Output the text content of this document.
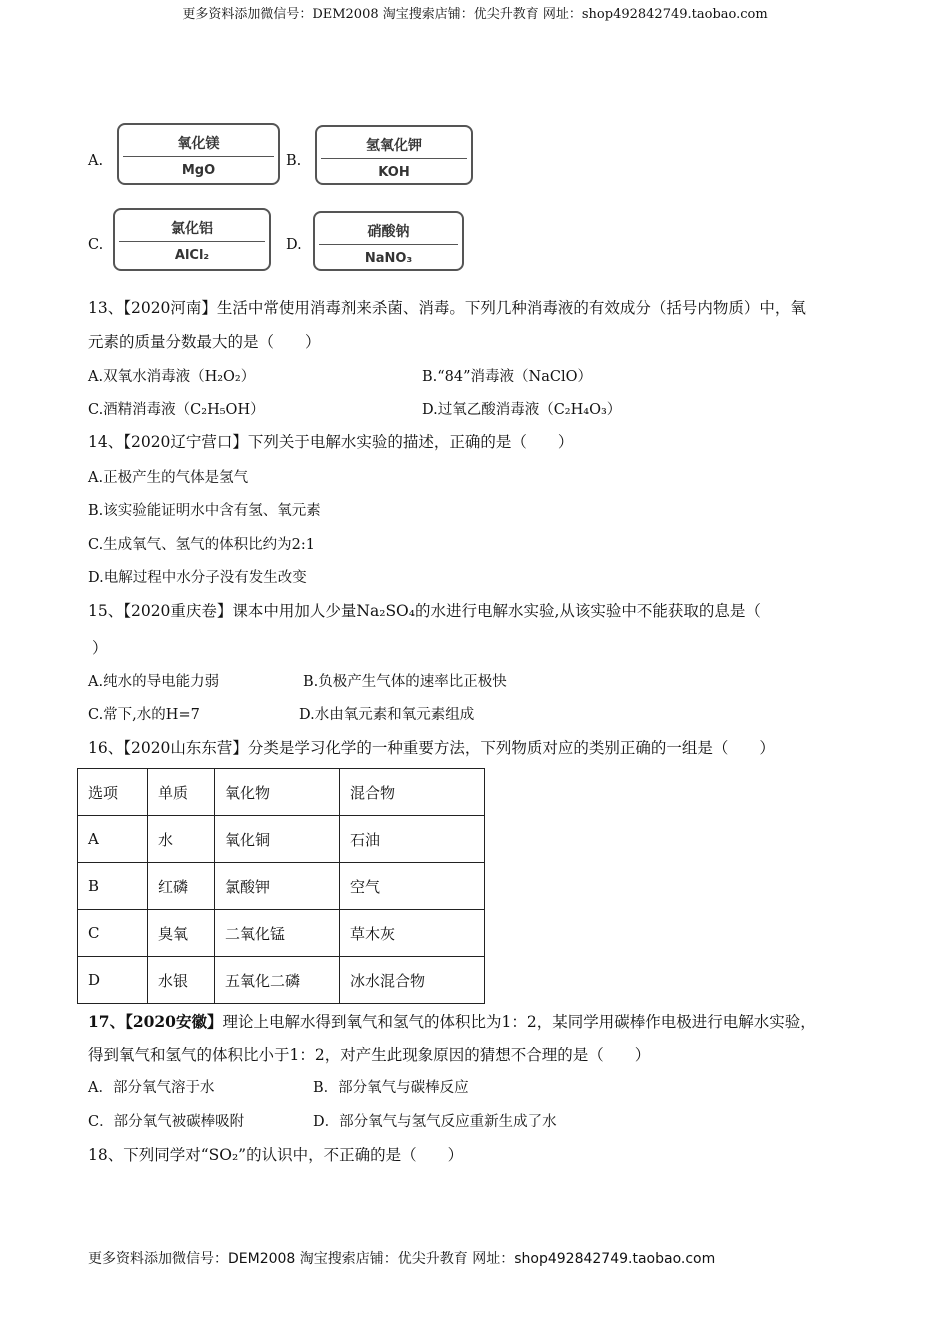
更多资料添加微信号：DEM2008 淘宝搜索店铺：优尖升教育 网址：shop492842749.taobao.com
A.
氧化镁
MgO
B.
氢氧化钾
KOH
C.
氯化铝
AlCl₂
D.
硝酸钠
NaNO₃
13、【2020河南】生活中常使用消毒剂来杀菌、消毒。下列几种消毒液的有效成分（括号内物质）中，氧
元素的质量分数最大的是（　　）
A.双氧水消毒液（H₂O₂）	B.“84”消毒液（NaClO）
C.酒精消毒液（C₂H₅OH）	D.过氧乙酸消毒液（C₂H₄O₃）
14、【2020辽宁营口】下列关于电解水实验的描述，正确的是（　　）
A.正极产生的气体是氢气
B.该实验能证明水中含有氢、氧元素
C.生成氧气、氢气的体积比约为2:1
D.电解过程中水分子没有发生改变
15、【2020重庆卷】课本中用加人少量Na₂SO₄的水进行电解水实验,从该实验中不能获取的息是（
）
A.纯水的导电能力弱	B.负极产生气体的速率比正极快
C.常下,水的H=7	D.水由氧元素和氧元素组成
16、【2020山东东营】分类是学习化学的一种重要方法，下列物质对应的类别正确的一组是（　　）
选项	单质	氧化物	混合物
A	水	氧化铜	石油
B	红磷	氯酸钾	空气
C	臭氧	二氧化锰	草木灰
D	水银	五氧化二磷	冰水混合物
17、【2020安徽】理论上电解水得到氧气和氢气的体积比为1：2，某同学用碳棒作电极进行电解水实验，
得到氧气和氢气的体积比小于1：2，对产生此现象原因的猜想不合理的是（　　）
A．部分氧气溶于水	B．部分氧气与碳棒反应
C．部分氧气被碳棒吸附	D．部分氧气与氢气反应重新生成了水
18、下列同学对“SO₂”的认识中，不正确的是（　　）
更多资料添加微信号：DEM2008 淘宝搜索店铺：优尖升教育 网址：shop492842749.taobao.com
